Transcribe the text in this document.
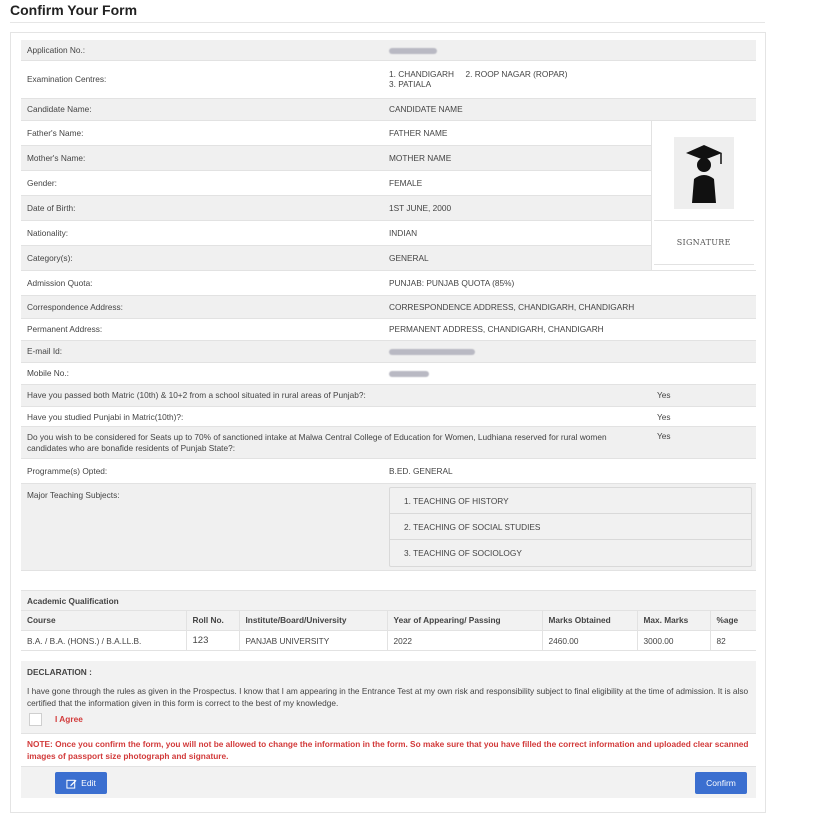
Confirm Your Form
Application No.:		
Examination Centres:	1. CHANDIGARH     2. ROOP NAGAR (ROPAR)
3. PATIALA	

Candidate Name:	CANDIDATE NAME	
Father's Name:	FATHER NAME	SIGNATURE

Mother's Name:	MOTHER NAME	
Gender:	FEMALE	
Date of Birth:	1ST JUNE, 2000	
Nationality:	INDIAN	
Category(s):	GENERAL	
Admission Quota:	PUNJAB: PUNJAB QUOTA (85%)	
Correspondence Address:	CORRESPONDENCE ADDRESS, CHANDIGARH, CHANDIGARH	
Permanent Address:	PERMANENT ADDRESS, CHANDIGARH, CHANDIGARH	
E-mail Id:		
Mobile No.:		
Have you passed both Matric (10th) & 10+2 from a school situated in rural areas of Punjab?:	Yes
Have you studied Punjabi in Matric(10th)?:	Yes
Do you wish to be considered for Seats up to 70% of sanctioned intake at Malwa Central College of Education for Women, Ludhiana reserved for rural women candidates who are bonafide residents of Punjab State?:	Yes
Programme(s) Opted:	B.ED. GENERAL
Major Teaching Subjects:	1. TEACHING OF HISTORY
2. TEACHING OF SOCIAL STUDIES
3. TEACHING OF SOCIOLOGY

Academic Qualification
Course	Roll No.	Institute/Board/University	Year of Appearing/ Passing	Marks Obtained	Max. Marks	%age
B.A. / B.A. (HONS.) / B.A.LL.B.	123	PANJAB UNIVERSITY	2022	2460.00	3000.00	82
DECLARATION :

I have gone through the rules as given in the Prospectus. I know that I am appearing in the Entrance Test at my own risk and responsibility subject to final eligibility at the time of admission. It is also certified that the information given in this form is correct to the best of my knowledge.

I Agree
NOTE: Once you confirm the form, you will not be allowed to change the information in the form. So make sure that you have filled the correct information and uploaded clear scanned images of passport size photograph and signature.
Edit	Confirm
